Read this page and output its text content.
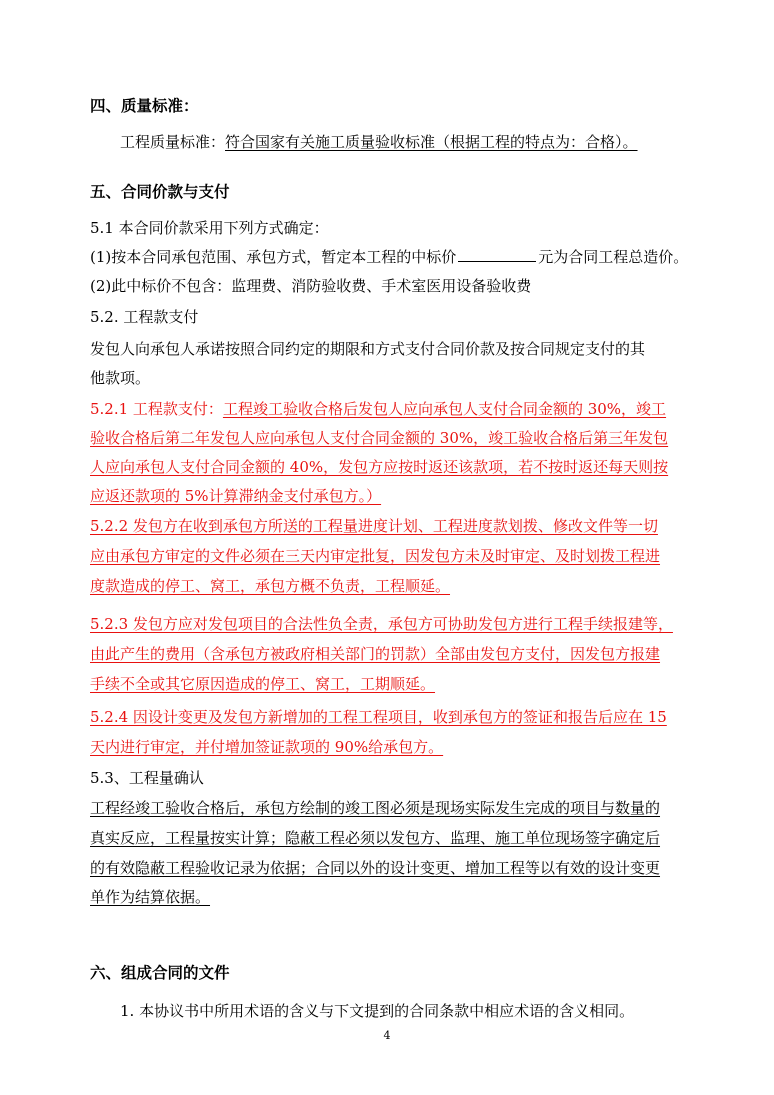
四、质量标准：
工程质量标准：符合国家有关施工质量验收标准（根据工程的特点为：合格）。
五、合同价款与支付
5.1 本合同价款采用下列方式确定：
(1)按本合同承包范围、承包方式，暂定本工程的中标价	元为合同工程总造价。
(2)此中标价不包含：监理费、消防验收费、手术室医用设备验收费
5.2. 工程款支付
发包人向承包人承诺按照合同约定的期限和方式支付合同价款及按合同规定支付的其
他款项。
5.2.1 工程款支付：工程竣工验收合格后发包人应向承包人支付合同金额的 30%，竣工
验收合格后第二年发包人应向承包人支付合同金额的 30%，竣工验收合格后第三年发包
人应向承包人支付合同金额的 40%，发包方应按时返还该款项，若不按时返还每天则按
应返还款项的 5%计算滞纳金支付承包方。）
5.2.2 发包方在收到承包方所送的工程量进度计划、工程进度款划拨、修改文件等一切
应由承包方审定的文件必须在三天内审定批复，因发包方未及时审定、及时划拨工程进
度款造成的停工、窝工，承包方概不负责，工程顺延。
5.2.3 发包方应对发包项目的合法性负全责，承包方可协助发包方进行工程手续报建等，
由此产生的费用（含承包方被政府相关部门的罚款）全部由发包方支付，因发包方报建
手续不全或其它原因造成的停工、窝工，工期顺延。
5.2.4 因设计变更及发包方新增加的工程工程项目，收到承包方的签证和报告后应在 15
天内进行审定，并付增加签证款项的 90%给承包方。
5.3、工程量确认
工程经竣工验收合格后，承包方绘制的竣工图必须是现场实际发生完成的项目与数量的
真实反应，工程量按实计算；隐蔽工程必须以发包方、监理、施工单位现场签字确定后
的有效隐蔽工程验收记录为依据；合同以外的设计变更、增加工程等以有效的设计变更
单作为结算依据。
六、组成合同的文件
1. 本协议书中所用术语的含义与下文提到的合同条款中相应术语的含义相同。
4
